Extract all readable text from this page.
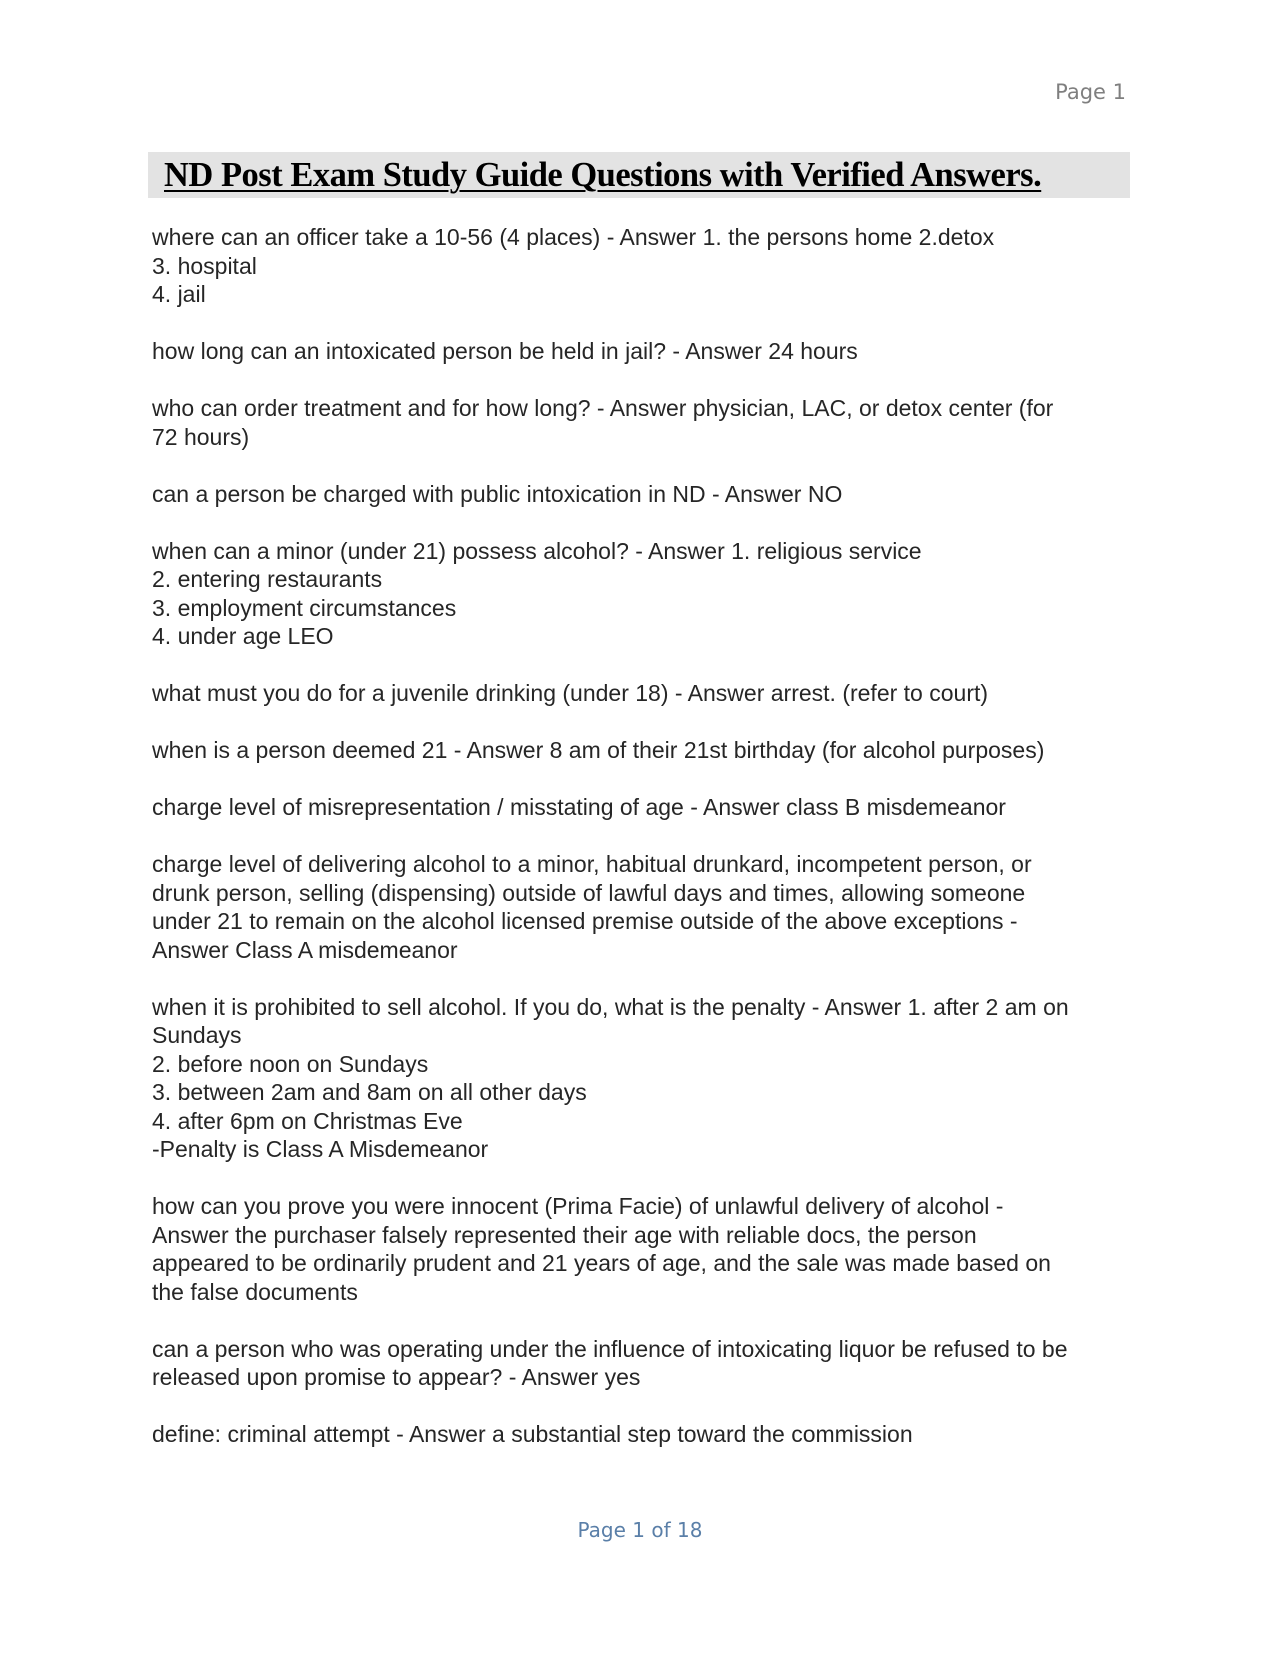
Page 1
ND Post Exam Study Guide Questions with Verified Answers.

where can an officer take a 10-56 (4 places) - Answer 1. the persons home 2.detox
3. hospital
4. jail

how long can an intoxicated person be held in jail? - Answer 24 hours

who can order treatment and for how long? - Answer physician, LAC, or detox center (for
72 hours)

can a person be charged with public intoxication in ND - Answer NO

when can a minor (under 21) possess alcohol? - Answer 1. religious service
2. entering restaurants
3. employment circumstances
4. under age LEO

what must you do for a juvenile drinking (under 18) - Answer arrest. (refer to court)

when is a person deemed 21 - Answer 8 am of their 21st birthday (for alcohol purposes)

charge level of misrepresentation / misstating of age - Answer class B misdemeanor

charge level of delivering alcohol to a minor, habitual drunkard, incompetent person, or
drunk person, selling (dispensing) outside of lawful days and times, allowing someone
under 21 to remain on the alcohol licensed premise outside of the above exceptions -
Answer Class A misdemeanor

when it is prohibited to sell alcohol. If you do, what is the penalty - Answer 1. after 2 am on
Sundays
2. before noon on Sundays
3. between 2am and 8am on all other days
4. after 6pm on Christmas Eve
-Penalty is Class A Misdemeanor

how can you prove you were innocent (Prima Facie) of unlawful delivery of alcohol -
Answer the purchaser falsely represented their age with reliable docs, the person
appeared to be ordinarily prudent and 21 years of age, and the sale was made based on
the false documents

can a person who was operating under the influence of intoxicating liquor be refused to be
released upon promise to appear? - Answer yes

define: criminal attempt - Answer a substantial step toward the commission

Page 1 of 18
